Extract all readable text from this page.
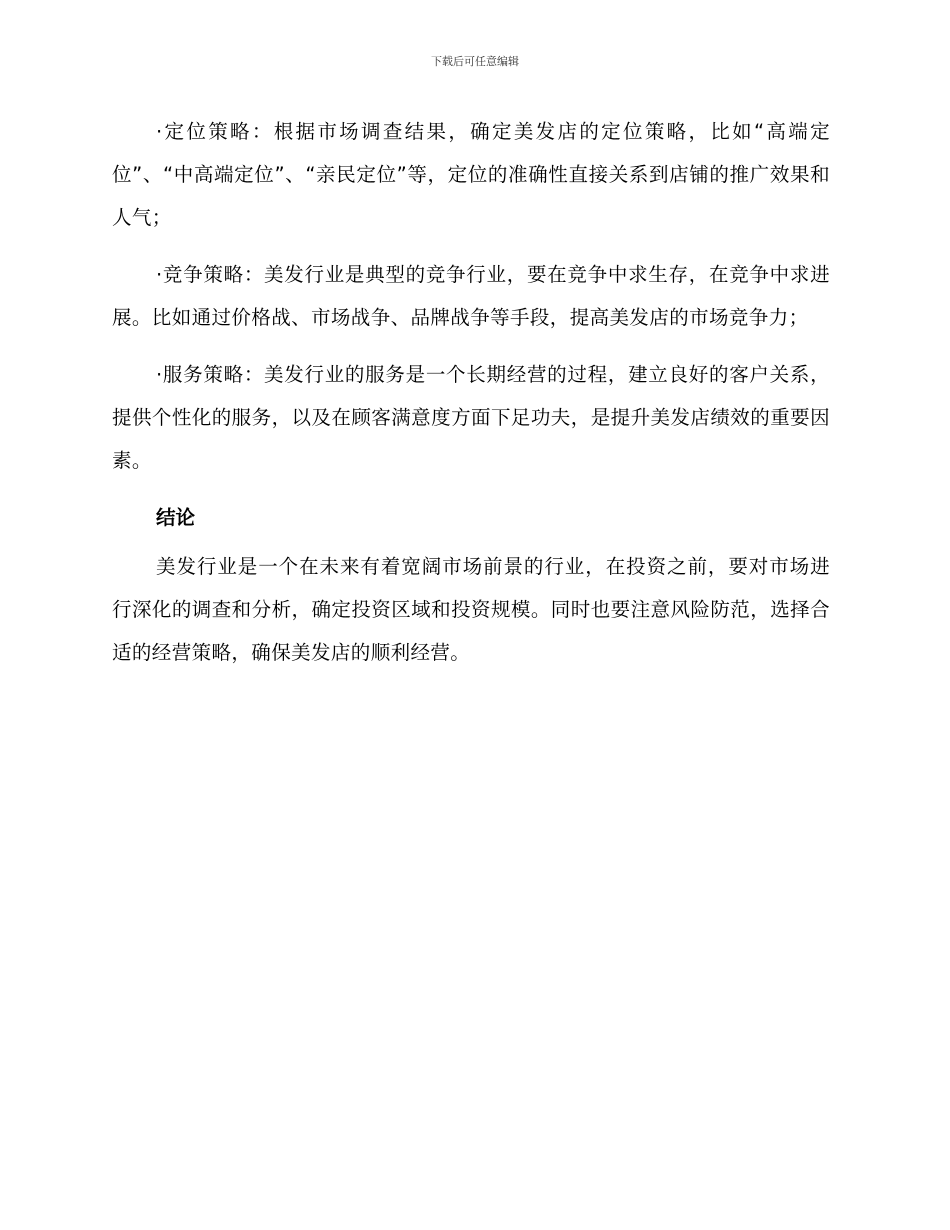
下载后可任意编辑

·定位策略：根据市场调查结果，确定美发店的定位策略，比如“高端定位”、“中高端定位”、“亲民定位”等，定位的准确性直接关系到店铺的推广效果和人气；

·竞争策略：美发行业是典型的竞争行业，要在竞争中求生存，在竞争中求进展。比如通过价格战、市场战争、品牌战争等手段，提高美发店的市场竞争力；

·服务策略：美发行业的服务是一个长期经营的过程，建立良好的客户关系，提供个性化的服务，以及在顾客满意度方面下足功夫，是提升美发店绩效的重要因素。

结论

美发行业是一个在未来有着宽阔市场前景的行业，在投资之前，要对市场进行深化的调查和分析，确定投资区域和投资规模。同时也要注意风险防范，选择合适的经营策略，确保美发店的顺利经营。
